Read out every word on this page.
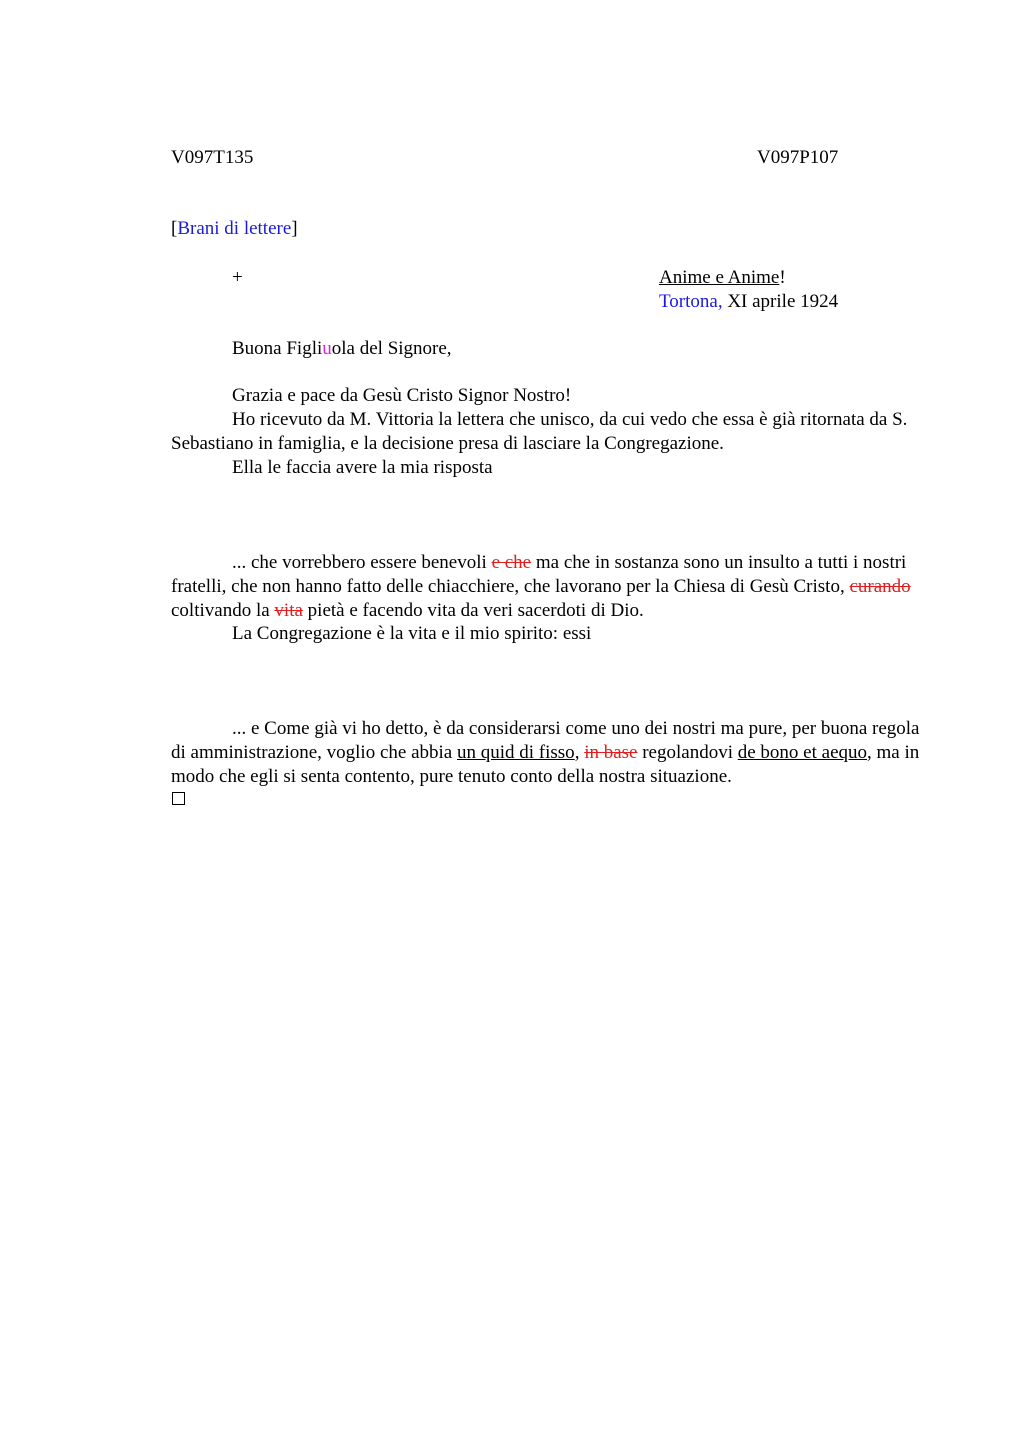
V097T135	V097P107
[Brani di lettere]
+	Anime e Anime!
Tortona, XI aprile 1924
Buona Figliuola del Signore,
Grazia e pace da Gesù Cristo Signor Nostro!
Ho ricevuto da M. Vittoria la lettera che unisco, da cui vedo che essa è già ritornata da S. Sebastiano in famiglia, e la decisione presa di lasciare la Congregazione.
Ella le faccia avere la mia risposta
... che vorrebbero essere benevoli e che ma che in sostanza sono un insulto a tutti i nostri fratelli, che non hanno fatto delle chiacchiere, che lavorano per la Chiesa di Gesù Cristo, curando coltivando la vita pietà e facendo vita da veri sacerdoti di Dio.
La Congregazione è la vita e il mio spirito: essi
... e Come già vi ho detto, è da considerarsi come uno dei nostri ma pure, per buona regola di amministrazione, voglio che abbia un quid di fisso, in base regolandovi de bono et aequo, ma in modo che egli si senta contento, pure tenuto conto della nostra situazione.
